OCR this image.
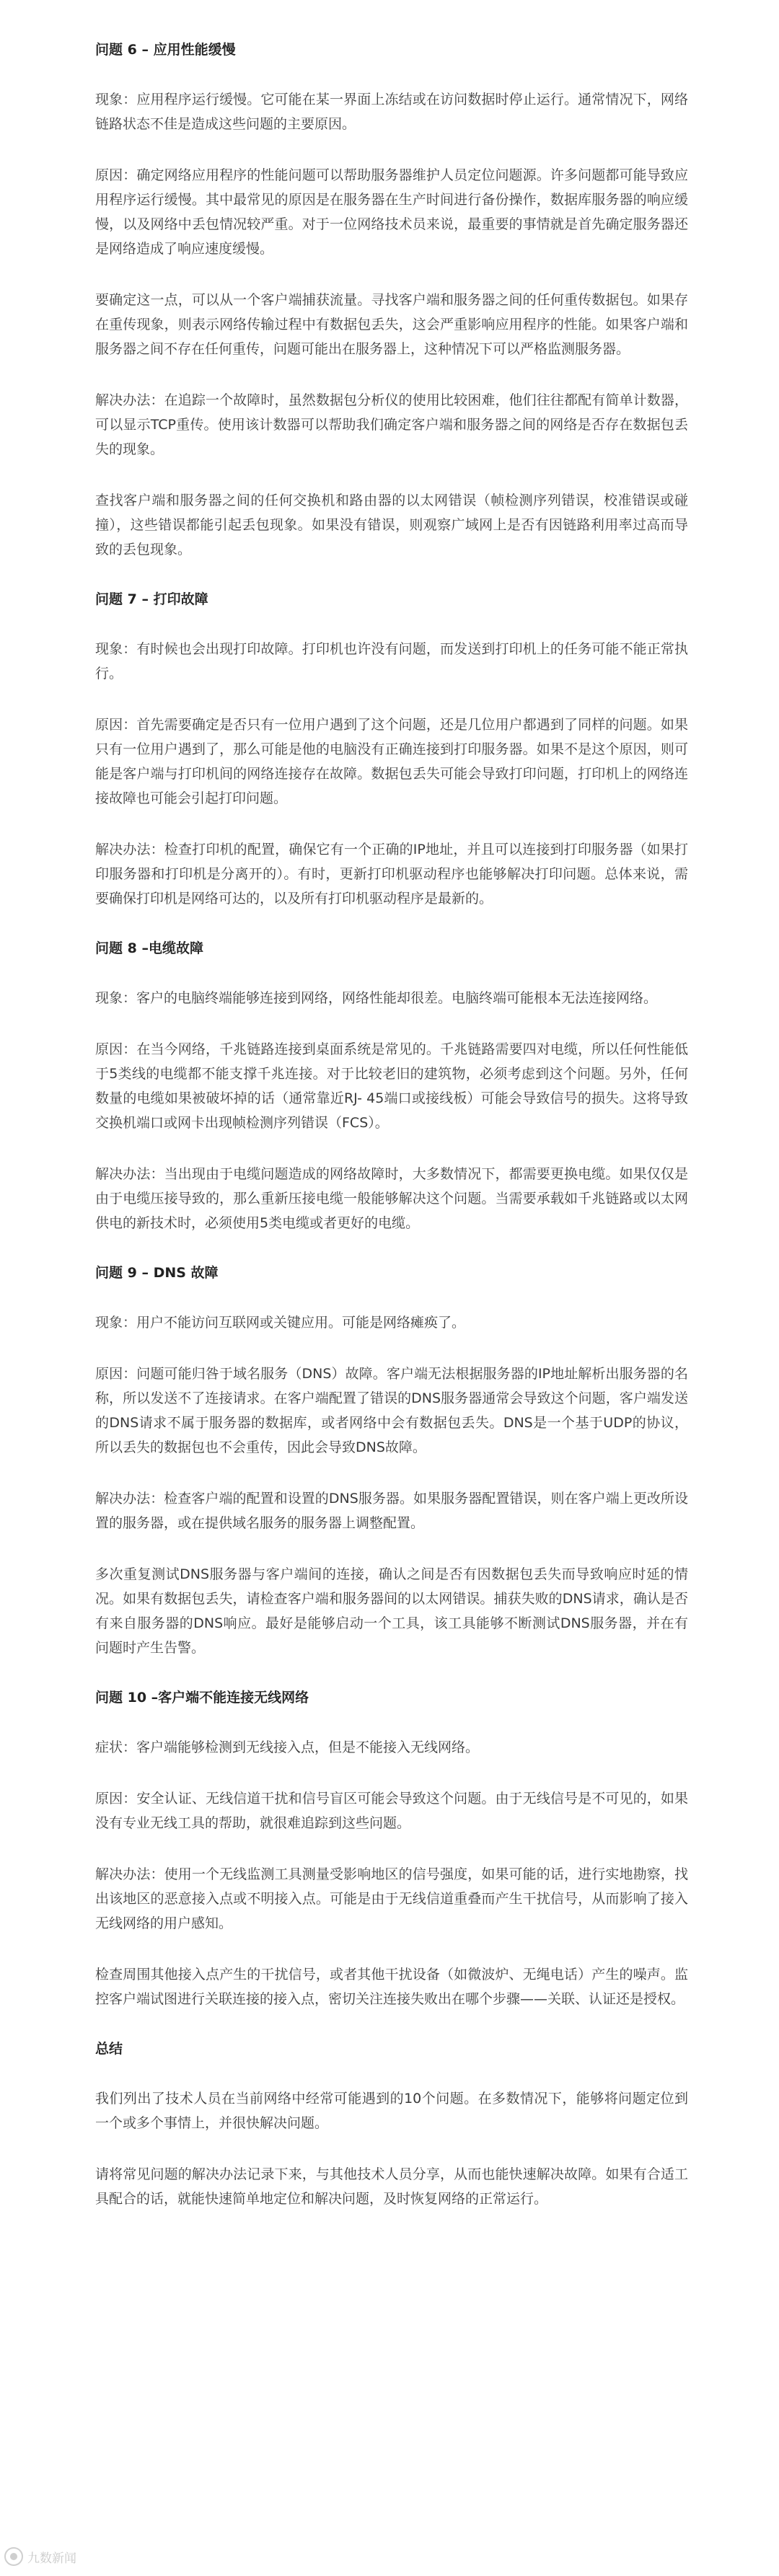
问题 6 – 应用性能缓慢

现象：应用程序运行缓慢。它可能在某一界面上冻结或在访问数据时停止运行。通常情况下，网络链路状态不佳是造成这些问题的主要原因。

原因：确定网络应用程序的性能问题可以帮助服务器维护人员定位问题源。许多问题都可能导致应用程序运行缓慢。其中最常见的原因是在服务器在生产时间进行备份操作，数据库服务器的响应缓慢，以及网络中丢包情况较严重。对于一位网络技术员来说，最重要的事情就是首先确定服务器还是网络造成了响应速度缓慢。

要确定这一点，可以从一个客户端捕获流量。寻找客户端和服务器之间的任何重传数据包。如果存在重传现象，则表示网络传输过程中有数据包丢失，这会严重影响应用程序的性能。如果客户端和服务器之间不存在任何重传，问题可能出在服务器上，这种情况下可以严格监测服务器。

解决办法：在追踪一个故障时，虽然数据包分析仪的使用比较困难，他们往往都配有简单计数器，可以显示TCP重传。使用该计数器可以帮助我们确定客户端和服务器之间的网络是否存在数据包丢失的现象。

查找客户端和服务器之间的任何交换机和路由器的以太网错误（帧检测序列错误，校准错误或碰撞），这些错误都能引起丢包现象。如果没有错误，则观察广域网上是否有因链路利用率过高而导致的丢包现象。

问题 7 – 打印故障

现象：有时候也会出现打印故障。打印机也许没有问题，而发送到打印机上的任务可能不能正常执行。

原因：首先需要确定是否只有一位用户遇到了这个问题，还是几位用户都遇到了同样的问题。如果只有一位用户遇到了，那么可能是他的电脑没有正确连接到打印服务器。如果不是这个原因，则可能是客户端与打印机间的网络连接存在故障。数据包丢失可能会导致打印问题，打印机上的网络连接故障也可能会引起打印问题。

解决办法：检查打印机的配置，确保它有一个正确的IP地址，并且可以连接到打印服务器（如果打印服务器和打印机是分离开的）。有时，更新打印机驱动程序也能够解决打印问题。总体来说，需要确保打印机是网络可达的，以及所有打印机驱动程序是最新的。

问题 8 –电缆故障

现象：客户的电脑终端能够连接到网络，网络性能却很差。电脑终端可能根本无法连接网络。

原因：在当今网络，千兆链路连接到桌面系统是常见的。千兆链路需要四对电缆，所以任何性能低于5类线的电缆都不能支撑千兆连接。对于比较老旧的建筑物，必须考虑到这个问题。另外，任何数量的电缆如果被破坏掉的话（通常靠近RJ- 45端口或接线板）可能会导致信号的损失。这将导致交换机端口或网卡出现帧检测序列错误（FCS）。

解决办法：当出现由于电缆问题造成的网络故障时，大多数情况下，都需要更换电缆。如果仅仅是由于电缆压接导致的，那么重新压接电缆一般能够解决这个问题。当需要承载如千兆链路或以太网供电的新技术时，必须使用5类电缆或者更好的电缆。

问题 9 – DNS 故障

现象：用户不能访问互联网或关键应用。可能是网络瘫痪了。

原因：问题可能归咎于域名服务（DNS）故障。客户端无法根据服务器的IP地址解析出服务器的名称，所以发送不了连接请求。在客户端配置了错误的DNS服务器通常会导致这个问题，客户端发送的DNS请求不属于服务器的数据库，或者网络中会有数据包丢失。DNS是一个基于UDP的协议，所以丢失的数据包也不会重传，因此会导致DNS故障。

解决办法：检查客户端的配置和设置的DNS服务器。如果服务器配置错误，则在客户端上更改所设置的服务器，或在提供域名服务的服务器上调整配置。

多次重复测试DNS服务器与客户端间的连接，确认之间是否有因数据包丢失而导致响应时延的情况。如果有数据包丢失，请检查客户端和服务器间的以太网错误。捕获失败的DNS请求，确认是否有来自服务器的DNS响应。最好是能够启动一个工具，该工具能够不断测试DNS服务器，并在有问题时产生告警。

问题 10 –客户端不能连接无线网络

症状：客户端能够检测到无线接入点，但是不能接入无线网络。

原因：安全认证、无线信道干扰和信号盲区可能会导致这个问题。由于无线信号是不可见的，如果没有专业无线工具的帮助，就很难追踪到这些问题。

解决办法：使用一个无线监测工具测量受影响地区的信号强度，如果可能的话，进行实地勘察，找出该地区的恶意接入点或不明接入点。可能是由于无线信道重叠而产生干扰信号，从而影响了接入无线网络的用户感知。

检查周围其他接入点产生的干扰信号，或者其他干扰设备（如微波炉、无绳电话）产生的噪声。监控客户端试图进行关联连接的接入点，密切关注连接失败出在哪个步骤——关联、认证还是授权。

总结

我们列出了技术人员在当前网络中经常可能遇到的10个问题。在多数情况下，能够将问题定位到一个或多个事情上，并很快解决问题。

请将常见问题的解决办法记录下来，与其他技术人员分享，从而也能快速解决故障。如果有合适工具配合的话，就能快速简单地定位和解决问题，及时恢复网络的正常运行。

九数新闻
